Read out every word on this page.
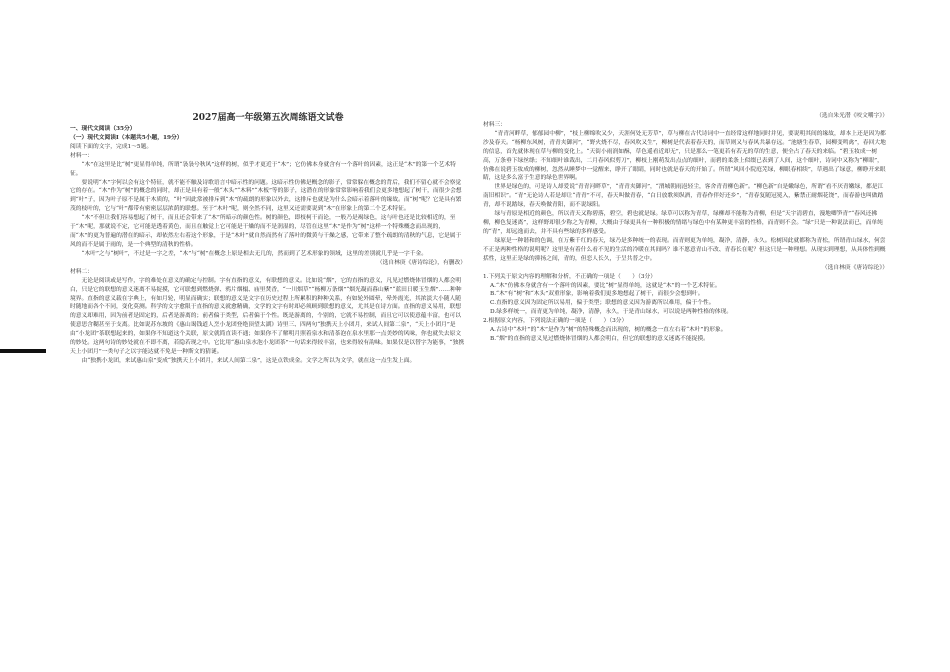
2027届高一年级第五次周练语文试卷

一、现代文阅读（35分）

（一）现代文阅读Ⅰ（本题共5小题，19分）

阅读下面的文字，完成1～5题。

材料一：

“木”在这里是比“树”更显得单纯，所谓“袅袅兮秋风”这样的树，似乎才更近于“木”；它仿佛本身就含有一个落叶的因素，这正是“木”的第一个艺术特征。

要说明“木”字何以会有这个特征，就不能不触及诗歌语言中暗示性的问题。这暗示性仿佛是概念的影子，常常躲在概念的背后，我们不留心就不会察觉它的存在。“木”作为“树”的概念的同时，却正是具有着一般“木头”“木料”“木板”等的影子，这潜在的形象常常影响着我们会更多地想起了树干，而很少会想到“叶”子，因为叶子原不是属于木质的，“叶”因此常被排斥到“木”的疏朗的形象以外去，这排斥也就是为什么会暗示着落叶的缘故。而“树”呢？它是具有繁茂的枝叶的，它与“叶”都带有密密层层浓荫的联想。至于“木叶”呢，则全然不同，这里又还需要说到“木”在形象上的第二个艺术特征。

“木”不但让我们容易想起了树干，而且还会带来了“木”所暗示的颜色性。树的颜色，即枝柯干而论，一般乃是褐绿色，这与叶也还是比较相近的，至于“木”呢，那就说不定，它可能是透着黄色，而且在触觉上它可能是干燥的而不是润湿的，尽管在这里“木”是作为“树”这样一个特殊概念而出现的，而“木”的更为普遍的潜在的暗示，却依然左右着这个形象，于是“木叶”就自然而然有了落叶的微黄与干燥之感，它带来了整个疏朗的清秋的气息，它是属于风的而不是属于雨的，是一个典型的清秋的性格。

“木叶”之与“树叶”，不过是一字之差，“木”与“树”在概念上原是相去无几的，然而到了艺术形象的领域，这里的差别就几乎是一字千金。

（选自林庚《唐诗综论》，有删改）

材料二：

无论是阅读或是写作，字的难处在意义的确定与控制。字有直指的意义，有联想的意义。比如说“烟”，它的直指的意义，凡见过燃烧体冒烟的人都会明白，只是它的联想的意义迷离不易捉摸，它可联想到燃烧弹、鸦片烟榻、庙里焚香，“一川烟草”“杨柳万条烟”“烟光凝而暮山紫”“蓝田日暖玉生烟”……种种境界。直指的意义载在字典上，有如月轮，明显而确实；联想的意义是文字在历史过程上所累积的种种关系，有如轮外圆晕，晕外霞光，其浓淡大小随人随时随地而各个不同，变化莫测。科学的文字愈限于直指的意义就愈精确，文学的文字有时却必须顾到联想的意义，尤其是在诗方面。直指的意义易用，联想的意义却难用，因为前者是固定的，后者是游离的；前者偏于类型，后者偏于个性。既是游离的，个别的，它就不易控制，而且它可以使意蕴丰富，也可以使意思含糊甚至于支离。比如说苏东坡的《惠山谒钱道人烹小龙团登绝顶望太湖》诗里三、四两句“独携天上小团月，来试人间第二泉”，“天上小团月”是由“小龙团”茶联想起来的，如果你不知道这个关联，原文就简直读不通；如果你不了解明月照着泉水和清茶泡在泉水里那一点美妙的风味，你也就失去原文的妙处。这两句诗的妙处就在不即不离，若隐若现之中。它比用“惠山泉水泡小龙团茶”一句话来得较丰富，也来得较有韵味。如果仅是以替字为能事，“独携天上小团月”一类句子之以字能达就不免是一种斯文的猜谜。

由“独携小龙团，来试惠山泉”变成“独携天上小团月，来试人间第二泉”，这是点铁成金。文学之所以为文学，就在这一点生发上面。

（选自朱光潜《咬文嚼字》）

材料三：

“青青河畔草，郁郁园中柳”，“枝上柳绵吹又少，天涯何处无芳草”，草与柳在古代诗词中一直经常这样地同时并见，要说明其间的缘故，却本上还是因为都沙及春天。“杨柳东风树，青青夹御河”，“野火烧不尽，春风吹又生”，柳树是代表着春天的，而草则又与春风共暴存远。“池塘生春草，园柳变鸣禽”，春回大地的信息，首先就体现在草与柳的变化上。“天街小雨润如酥，草色遥看近却无”，只是那么一笔更若有若无的草的生意，便全占了春天的来临。“碧玉妆成一树高，万条垂下绿丝绦；不知细叶谁裁出，二月春风似剪刀”，柳枝上刚萌发出点点的细叶，而碧的柔条上似缀已表到了人间，这个细叶，诗词中又称为“柳眼”，仿佛在说碧玉妆成的柳树，忽然从睡梦中一觉醒来，睁开了眼睛，同时也就是春天的开始了。所谓“风回小院庭芜绿，柳眼春相续”，草遇出了绿意，柳睁开来眼睛，这是多么富于生意的绿色世界啊。

世界是绿色的，可是诗人却爱说“青青河畔草”，“青青夹御河”，“渭城朝雨浥轻尘，客舍青青柳色新”。“柳色新”自是嫩绿色，所谓“看不厌青嫩绿，都是江南旧相识”。“青”无论诗人若是却让“青青”不可，春天叫做青春，“白日放歌须纵酒，青春作伴好还乡”，“青春复随冠冕入，紫禁正耐烟花饶”，而春游也叫做踏青，却不说踏绿，春天唤做青阳，而不说绿阳。

绿与青原是相近的颜色，所以青天又称碧落，碧空，碧也就是绿。绿草可以称为青草，绿柳却不能称为青柳，但是“天宇清碧直，漫地卿笋青”“春风还拂柳，柳色复迷离”，这样野却很少称之为青柳，大概由于绿更具有一种积极的情绪与绿色中有某种更丰富的性格，而青则不会。“绿”只是一种说法而已，而单纯的“青”，却远逸而去，并不具有些绿的多样感受。

绿原是一种谐和的色调，在万紫千红的春天，绿乃是多种统一的表现。而青则更为单纯，凝净，清静，永久。松树因此就都称为青松，所谓青山绿水，何尝不正是两种性格的说明呢？这里是有着什么看不见的生活的冷暖在其间吗？谁不愿意青山不改、青春长在呢？但这只是一种理想。从现实到理想，从具体性到概括性，这里正是绿的抑扬之间，青的，但恋人长久，于呈共普之中。

（选自林庚《唐诗综论》）

1.下列关于原文内容的理解和分析，不正确的一项是（　　）（3分）

A.“木”仿佛本身就含有一个落叶的因素，要比“树”显得单纯，这就是“木”的一个艺术特征。

B.“木”有“树”和“木头”双重形象，影响着我们更多地想起了树干，而很少会想到叶。

C.直指的意义因为固定所以易用，偏于类型；联想的意义因为游离所以难用，偏于个性。

D.绿多样统一，而青更为单纯，凝净，清静，永久，于是青山绿水，可以说是两种性格的体现。

2.根据原文内容，下列说法正确的一项是（　　）（3分）

A.古诗中“木叶”的“木”是作为“树”的特殊概念而出现的，树的概念一直左右着“木叶”的形象。

B.“烟”的直指的意义见过燃烧体冒烟的人都会明白，但它的联想的意义迷离不能捉摸。
